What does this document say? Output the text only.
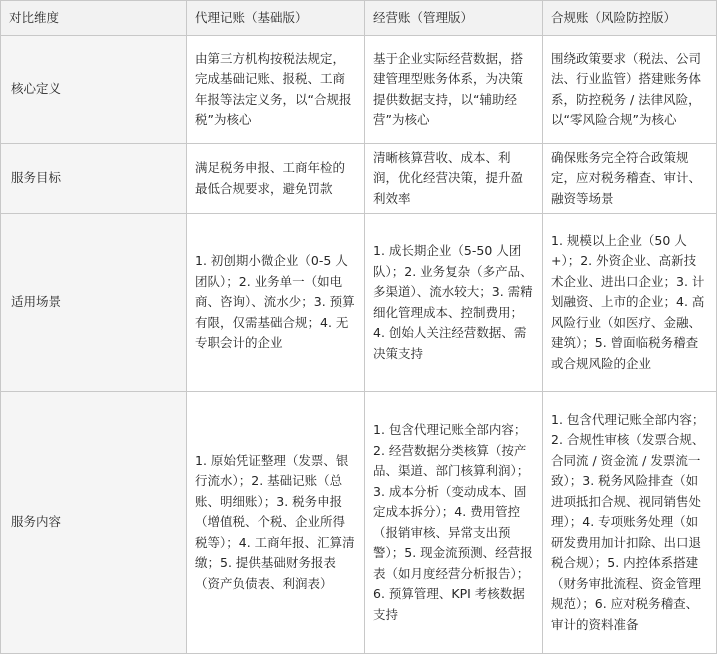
对比维度	代理记账（基础版）	经营账（管理版）	合规账（风险防控版）
核心定义	由第三方机构按税法规定，完成基础记账、报税、工商年报等法定义务，以“合规报税”为核心	基于企业实际经营数据，搭建管理型账务体系，为决策提供数据支持，以“辅助经营”为核心	围绕政策要求（税法、公司法、行业监管）搭建账务体系，防控税务 / 法律风险，以“零风险合规”为核心

服务目标	满足税务申报、工商年检的最低合规要求，避免罚款	清晰核算营收、成本、利润，优化经营决策，提升盈利效率	确保账务完全符合政策规定，应对税务稽查、审计、融资等场景

适用场景	1. 初创期小微企业（0-5 人团队）；2. 业务单一（如电商、咨询）、流水少；3. 预算有限，仅需基础合规；4. 无专职会计的企业	1. 成长期企业（5-50 人团队）；2. 业务复杂（多产品、多渠道）、流水较大；3. 需精细化管理成本、控制费用；4. 创始人关注经营数据、需决策支持	1. 规模以上企业（50 人+）；2. 外资企业、高新技术企业、进出口企业；3. 计划融资、上市的企业；4. 高风险行业（如医疗、金融、建筑）；5. 曾面临税务稽查或合规风险的企业

服务内容	1. 原始凭证整理（发票、银行流水）；2. 基础记账（总账、明细账）；3. 税务申报（增值税、个税、企业所得税等）；4. 工商年报、汇算清缴；5. 提供基础财务报表（资产负债表、利润表）	1. 包含代理记账全部内容；2. 经营数据分类核算（按产品、渠道、部门核算利润）；3. 成本分析（变动成本、固定成本拆分）；4. 费用管控（报销审核、异常支出预警）；5. 现金流预测、经营报表（如月度经营分析报告）；6. 预算管理、KPI 考核数据支持	1. 包含代理记账全部内容；2. 合规性审核（发票合规、合同流 / 资金流 / 发票流一致）；3. 税务风险排查（如进项抵扣合规、视同销售处理）；4. 专项账务处理（如研发费用加计扣除、出口退税合规）；5. 内控体系搭建（财务审批流程、资金管理规范）；6. 应对税务稽查、审计的资料准备
